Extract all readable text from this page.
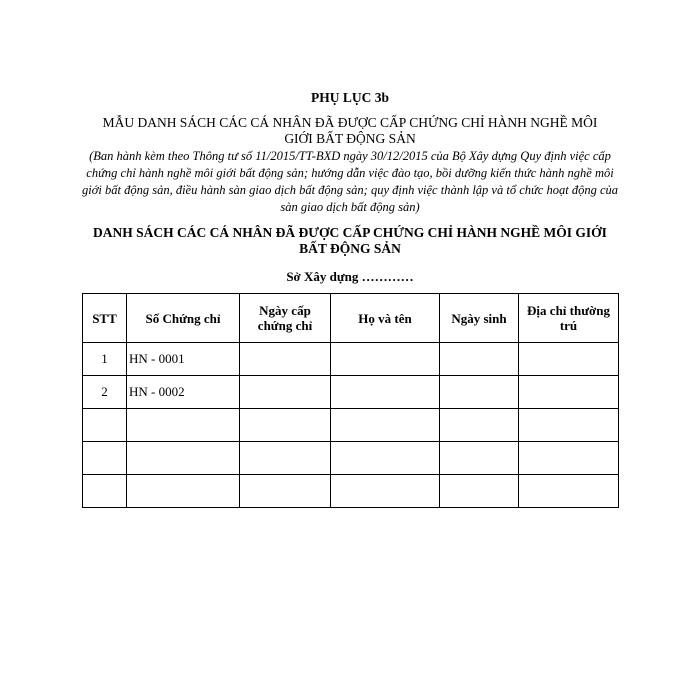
PHỤ LỤC 3b
MẪU DANH SÁCH CÁC CÁ NHÂN ĐÃ ĐƯỢC CẤP CHỨNG CHỈ HÀNH NGHỀ MÔI GIỚI BẤT ĐỘNG SẢN
(Ban hành kèm theo Thông tư số 11/2015/TT-BXD ngày 30/12/2015 của Bộ Xây dựng Quy định việc cấp chứng chỉ hành nghề môi giới bất động sản; hướng dẫn việc đào tạo, bồi dưỡng kiến thức hành nghề môi giới bất động sản, điều hành sàn giao dịch bất động sản; quy định việc thành lập và tổ chức hoạt động của sàn giao dịch bất động sản)
DANH SÁCH CÁC CÁ NHÂN ĐÃ ĐƯỢC CẤP CHỨNG CHỈ HÀNH NGHỀ MÔI GIỚI BẤT ĐỘNG SẢN
Sở Xây dựng …………
STT	Số Chứng chỉ	Ngày cấp chứng chỉ	Họ và tên	Ngày sinh	Địa chỉ thường trú
1	HN - 0001				
2	HN - 0002				
